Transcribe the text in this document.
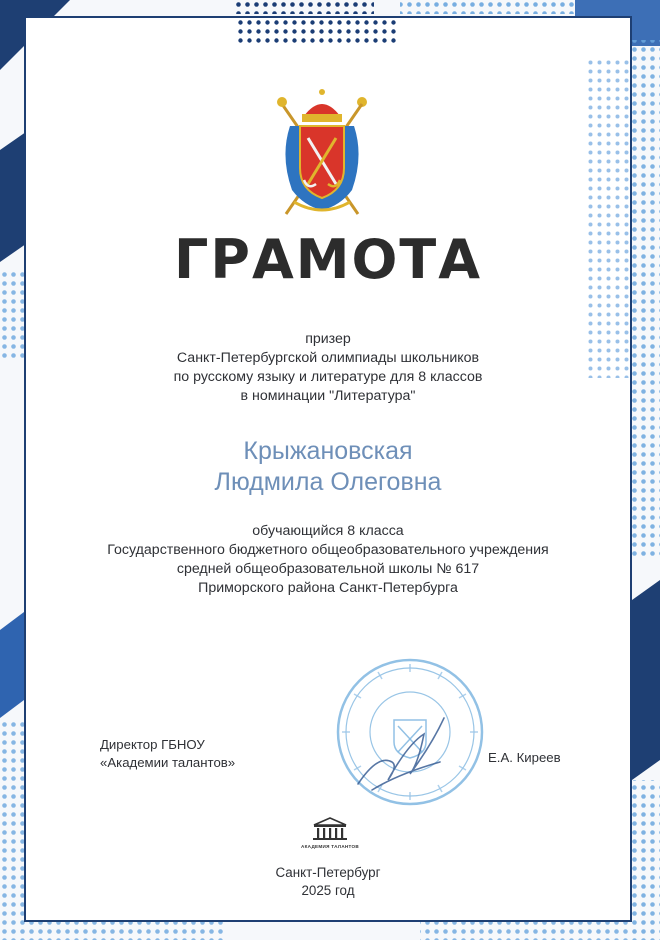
ГРАМОТА
призер
Санкт-Петербургской олимпиады школьников
по русскому языку и литературе для 8 классов
в номинации "Литература"
Крыжановская
Людмила Олеговна
обучающийся 8 класса
Государственного бюджетного общеобразовательного учреждения
средней общеобразовательной школы № 617
Приморского района Санкт-Петербурга
Директор ГБНОУ
«Академии талантов»	Е.А. Киреев
АКАДЕМИЯ ТАЛАНТОВ
Санкт-Петербург
2025 год
